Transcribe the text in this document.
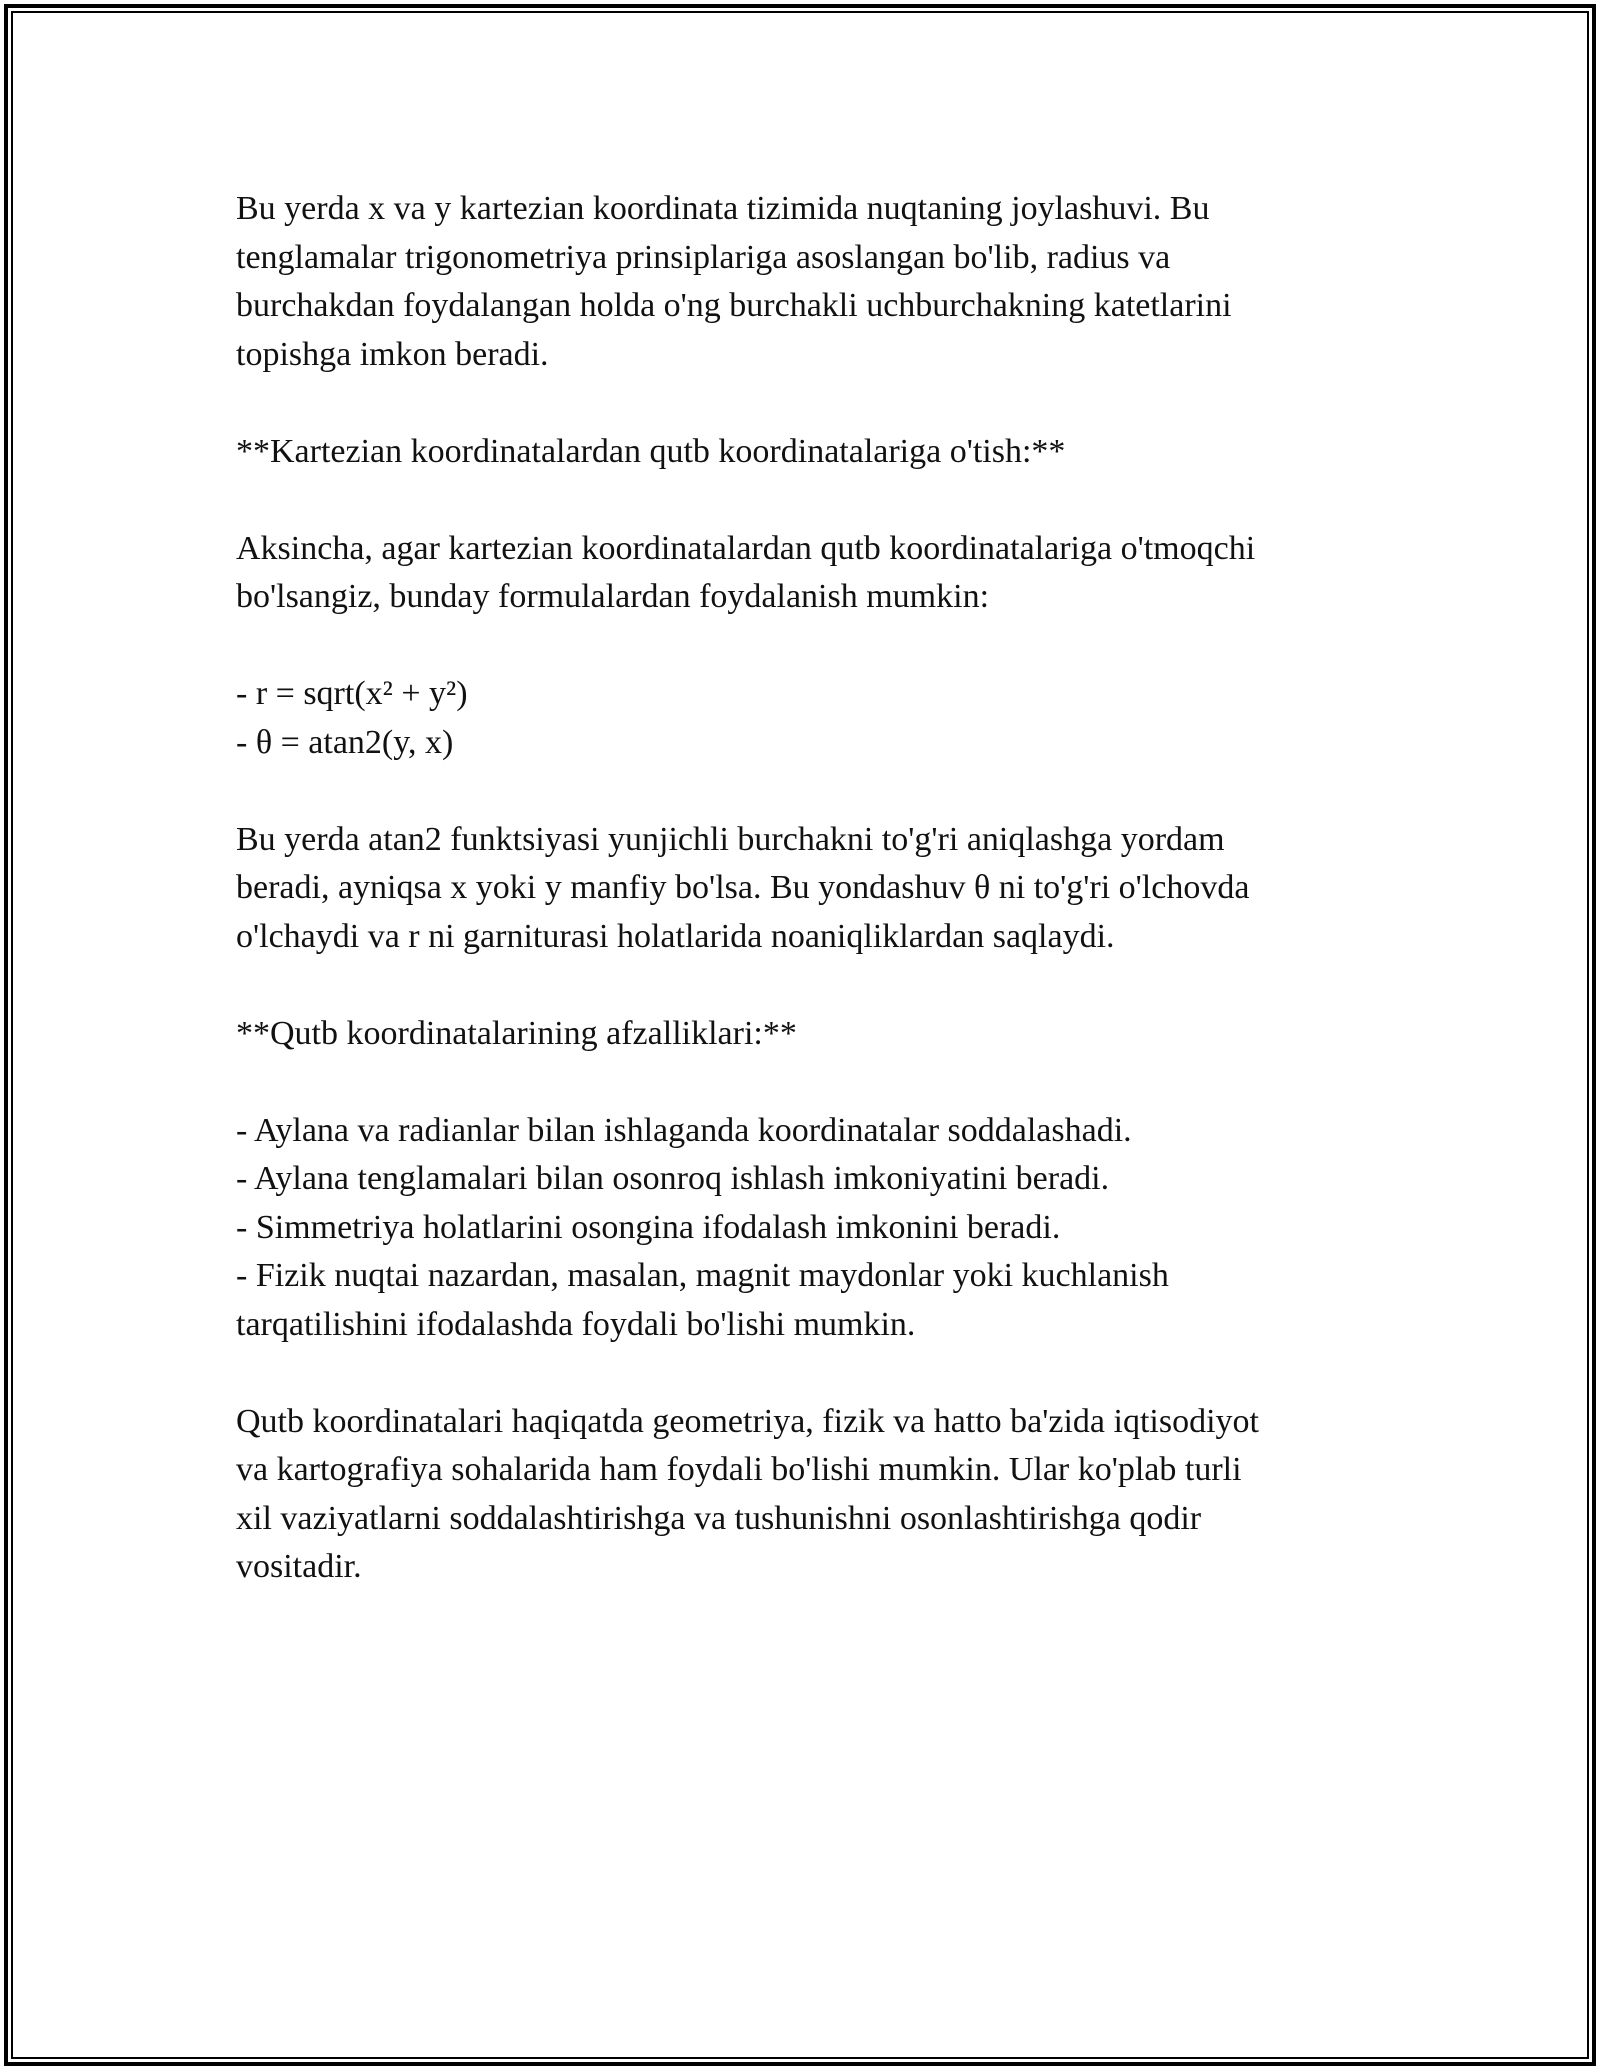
Bu yerda x va y kartezian koordinata tizimida nuqtaning joylashuvi. Bu
tenglamalar trigonometriya prinsiplariga asoslangan bo'lib, radius va
burchakdan foydalangan holda o'ng burchakli uchburchakning katetlarini
topishga imkon beradi.

**Kartezian koordinatalardan qutb koordinatalariga o'tish:**

Aksincha, agar kartezian koordinatalardan qutb koordinatalariga o'tmoqchi
bo'lsangiz, bunday formulalardan foydalanish mumkin:

- r = sqrt(x² + y²)
- θ = atan2(y, x)

Bu yerda atan2 funktsiyasi yunjichli burchakni to'g'ri aniqlashga yordam
beradi, ayniqsa x yoki y manfiy bo'lsa. Bu yondashuv θ ni to'g'ri o'lchovda
o'lchaydi va r ni garniturasi holatlarida noaniqliklardan saqlaydi.

**Qutb koordinatalarining afzalliklari:**

- Aylana va radianlar bilan ishlaganda koordinatalar soddalashadi.
- Aylana tenglamalari bilan osonroq ishlash imkoniyatini beradi.
- Simmetriya holatlarini osongina ifodalash imkonini beradi.
- Fizik nuqtai nazardan, masalan, magnit maydonlar yoki kuchlanish
tarqatilishini ifodalashda foydali bo'lishi mumkin.

Qutb koordinatalari haqiqatda geometriya, fizik va hatto ba'zida iqtisodiyot
va kartografiya sohalarida ham foydali bo'lishi mumkin. Ular ko'plab turli
xil vaziyatlarni soddalashtirishga va tushunishni osonlashtirishga qodir
vositadir.
